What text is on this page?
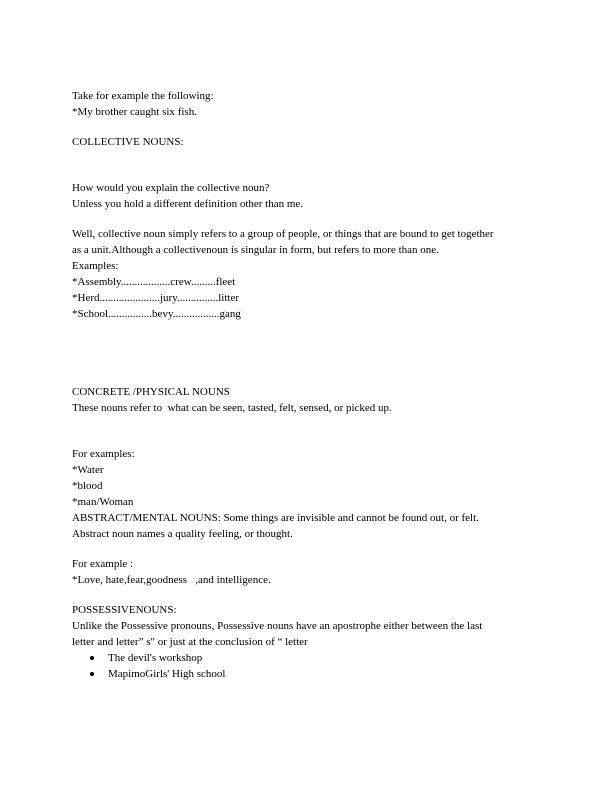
Take for example the following:
*My brother caught six fish.
COLLECTIVE NOUNS:
How would you explain the collective noun?
Unless you hold a different definition other than me.
Well, collective noun simply refers to a group of people, or things that are bound to get together
as a unit.Although a collectivenoun is singular in form, but refers to more than one.
Examples:
*Assembly..................crew.........fleet
*Herd......................jury...............litter
*School................bevy.................gang
CONCRETE /PHYSICAL NOUNS
These nouns refer to  what can be seen, tasted, felt, sensed, or picked up.
For examples:
*Water
*blood
*man/Woman
ABSTRACT/MENTAL NOUNS: Some things are invisible and cannot be found out, or felt.
Abstract noun names a quality feeling, or thought.
For example :
*Love, hate,fear,goodness   ,and intelligence.
POSSESSIVENOUNS:
Unlike the Possessive pronouns, Possessive nouns have an apostrophe either between the last
letter and letter” s" or just at the conclusion of “ letter
The devil's workshop
MapimoGirls' High school
